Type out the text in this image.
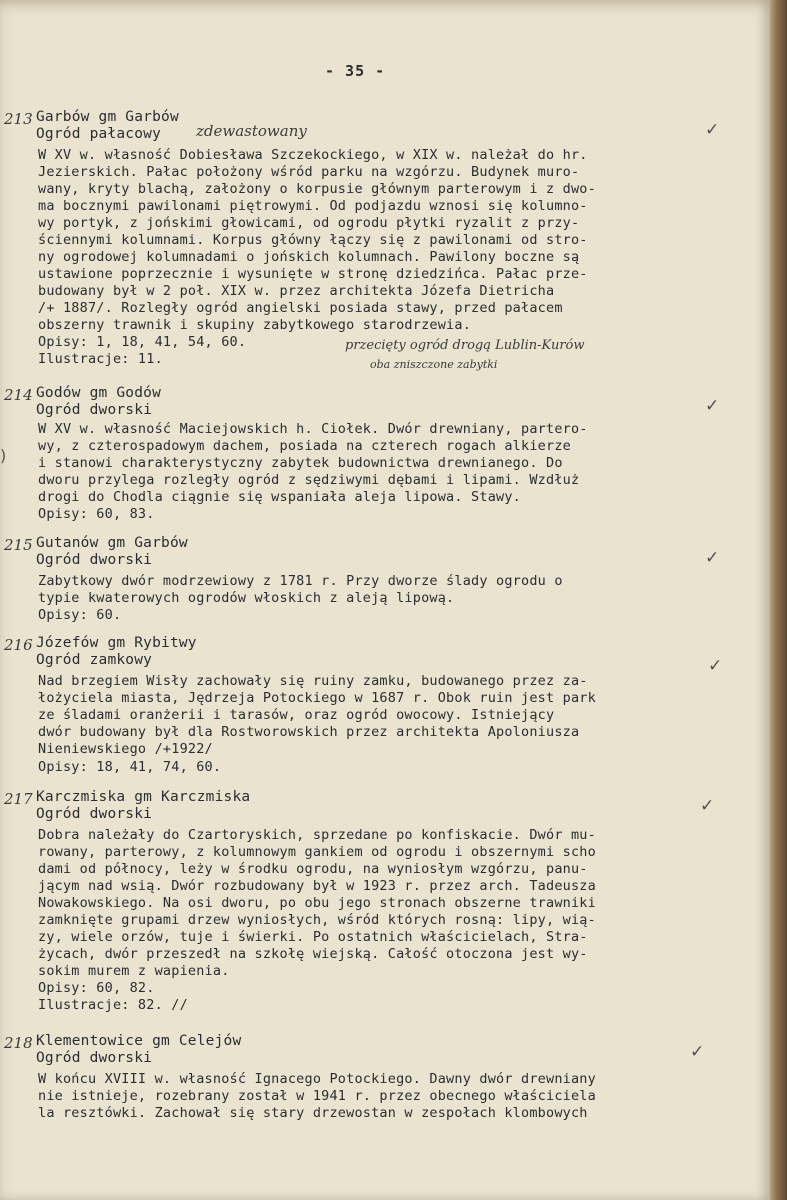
- 35 -
213 Garbów gm Garbów
Ogród pałacowy zdewastowany
W XV w. własność Dobiesława Szczekockiego, w XIX w. należał do hr.
Jezierskich. Pałac położony wśród parku na wzgórzu. Budynek muro-
wany, kryty blachą, założony o korpusie głównym parterowym i z dwo-
ma bocznymi pawilonami piętrowymi. Od podjazdu wznosi się kolumno-
wy portyk, z jońskimi głowicami, od ogrodu płytki ryzalit z przy-
ściennymi kolumnami. Korpus główny łączy się z pawilonami od stro-
ny ogrodowej kolumnadami o jońskich kolumnach. Pawilony boczne są
ustawione poprzecznie i wysunięte w stronę dziedzińca. Pałac prze-
budowany był w 2 poł. XIX w. przez architekta Józefa Dietricha
/+ 1887/. Rozległy ogród angielski posiada stawy, przed pałacem
obszerny trawnik i skupiny zabytkowego starodrzewia.
Opisy: 1, 18, 41, 54, 60.
Ilustracje: 11.
przecięty ogród drogą Lublin-Kurów
oba zniszczone zabytki
✓
214 Godów gm Godów
Ogród dworski
W XV w. własność Maciejowskich h. Ciołek. Dwór drewniany, partero-
wy, z czterospadowym dachem, posiada na czterech rogach alkierze
i stanowi charakterystyczny zabytek budownictwa drewnianego. Do
dworu przylega rozległy ogród z sędziwymi dębami i lipami. Wzdłuż
drogi do Chodla ciągnie się wspaniała aleja lipowa. Stawy.
Opisy: 60, 83.
✓
)
215 Gutanów gm Garbów
Ogród dworski
Zabytkowy dwór modrzewiowy z 1781 r. Przy dworze ślady ogrodu o
typie kwaterowych ogrodów włoskich z aleją lipową.
Opisy: 60.
✓
216 Józefów gm Rybitwy
Ogród zamkowy
Nad brzegiem Wisły zachowały się ruiny zamku, budowanego przez za-
łożyciela miasta, Jędrzeja Potockiego w 1687 r. Obok ruin jest park
ze śladami oranżerii i tarasów, oraz ogród owocowy. Istniejący
dwór budowany był dla Rostworowskich przez architekta Apoloniusza
Nieniewskiego /+1922/
Opisy: 18, 41, 74, 60.
✓
217 Karczmiska gm Karczmiska
Ogród dworski
Dobra należały do Czartoryskich, sprzedane po konfiskacie. Dwór mu-
rowany, parterowy, z kolumnowym gankiem od ogrodu i obszernymi scho
dami od północy, leży w środku ogrodu, na wyniosłym wzgórzu, panu-
jącym nad wsią. Dwór rozbudowany był w 1923 r. przez arch. Tadeusza
Nowakowskiego. Na osi dworu, po obu jego stronach obszerne trawniki
zamknięte grupami drzew wyniosłych, wśród których rosną: lipy, wią-
zy, wiele orzów, tuje i świerki. Po ostatnich właścicielach, Stra-
życach, dwór przeszedł na szkołę wiejską. Całość otoczona jest wy-
sokim murem z wapienia.
Opisy: 60, 82.
Ilustracje: 82. //
✓
218 Klementowice gm Celejów
Ogród dworski
W końcu XVIII w. własność Ignacego Potockiego. Dawny dwór drewniany
nie istnieje, rozebrany został w 1941 r. przez obecnego właściciela
la resztówki. Zachował się stary drzewostan w zespołach klombowych
✓
